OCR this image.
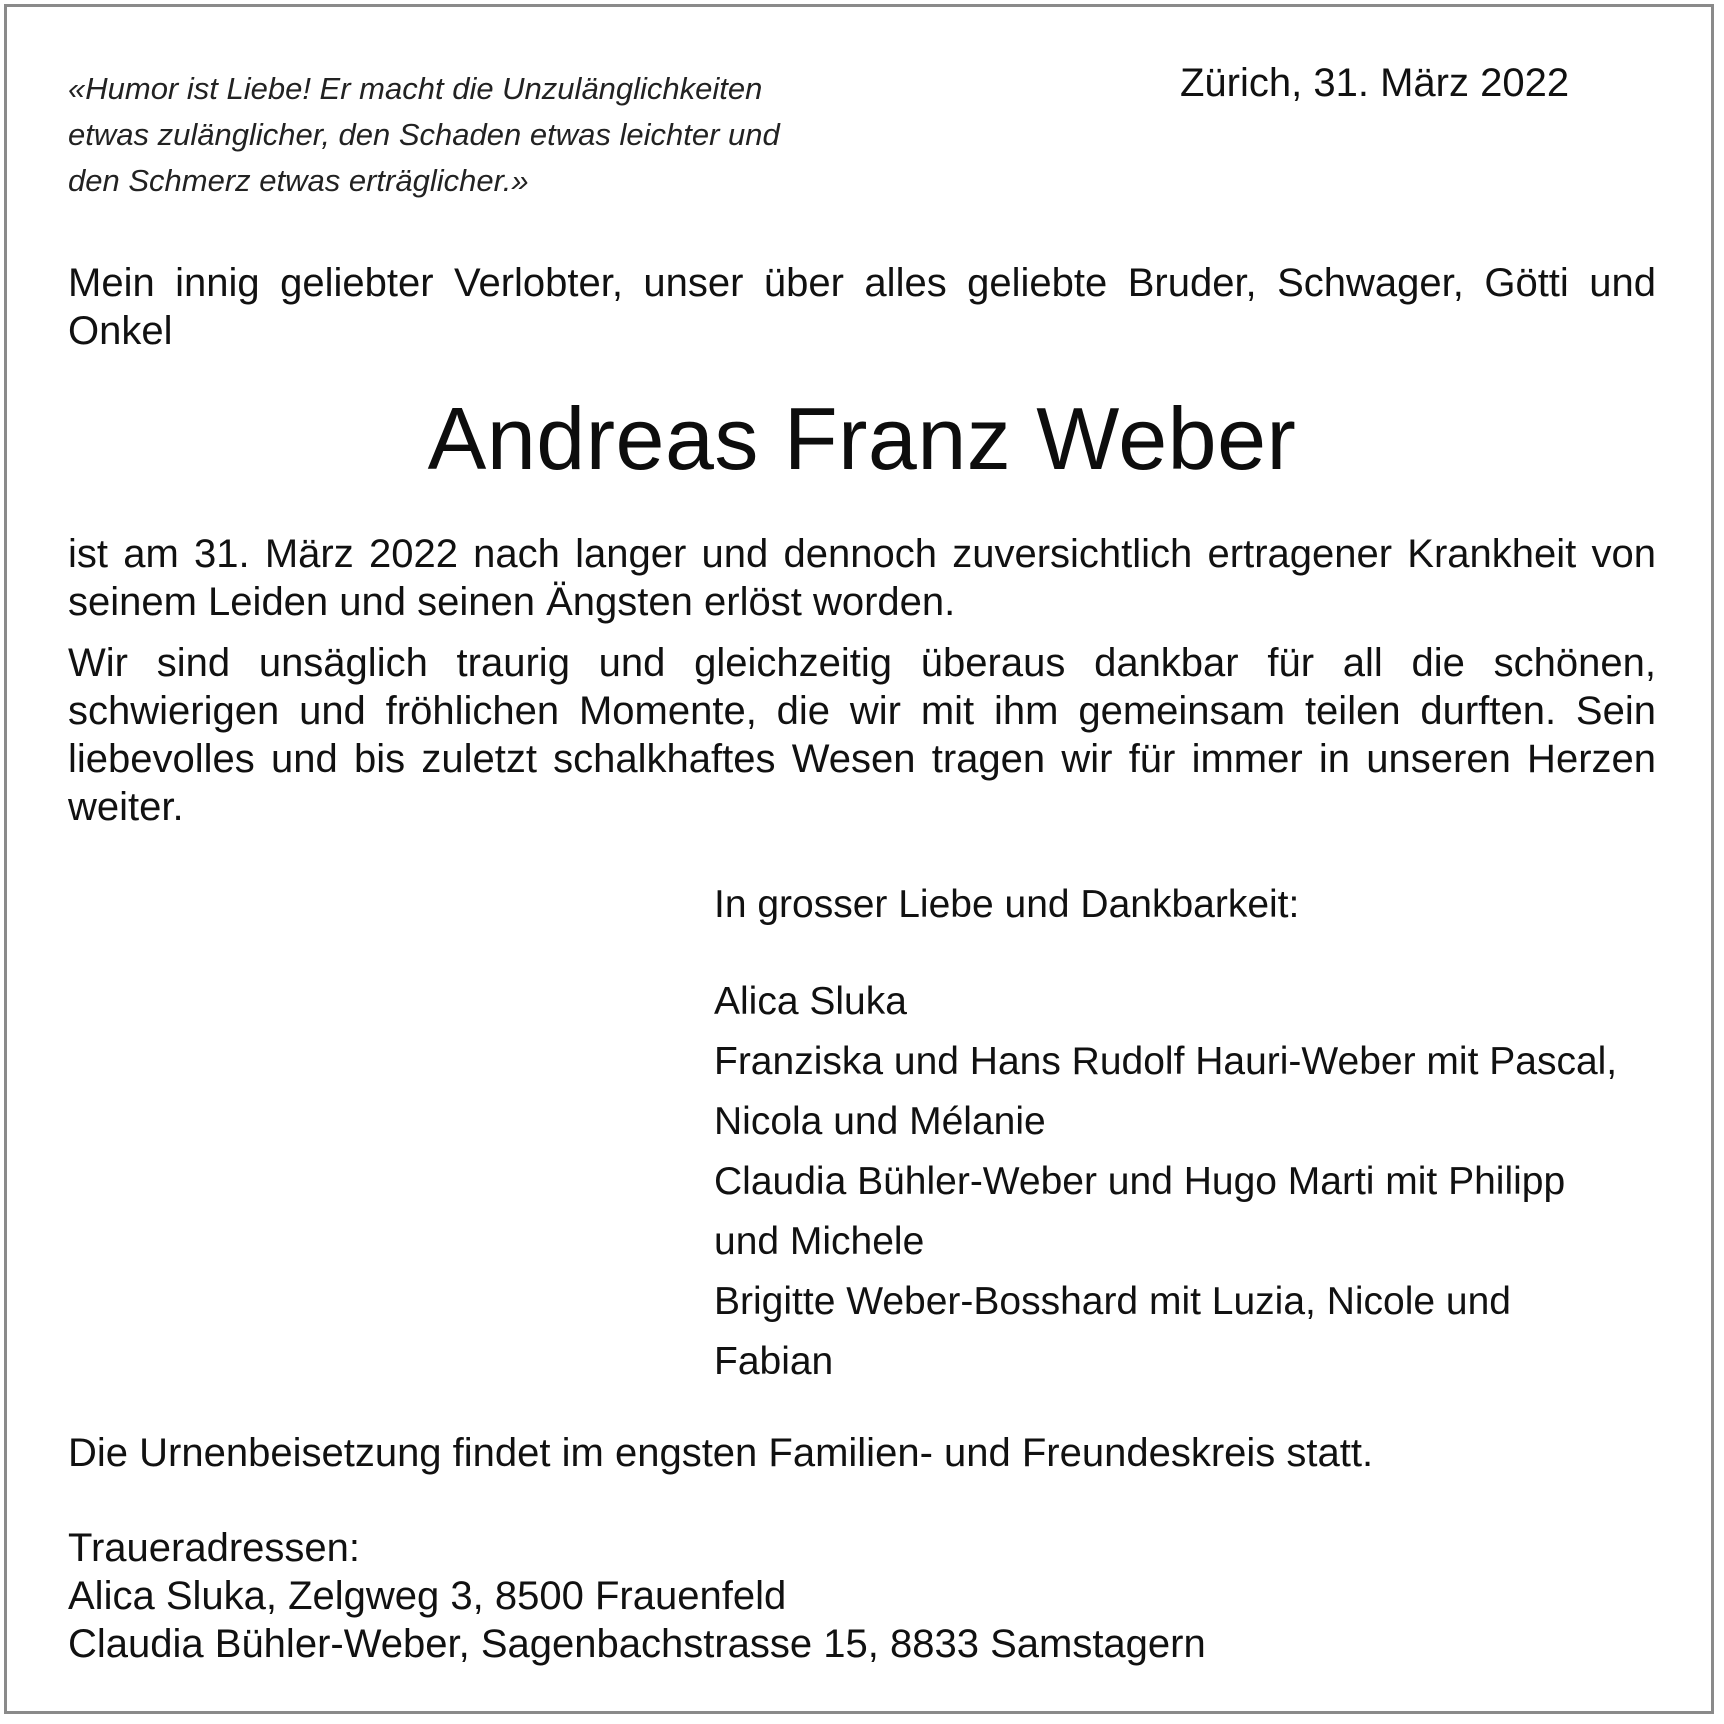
«Humor ist Liebe! Er macht die Unzulänglichkeiten
etwas zulänglicher, den Schaden etwas leichter und
den Schmerz etwas erträglicher.»
Zürich, 31. März 2022
Mein innig geliebter Verlobter, unser über alles geliebte Bruder, Schwager, Götti und
Onkel
Andreas Franz Weber
ist am 31. März 2022 nach langer und dennoch zuversichtlich ertragener Krankheit von
seinem Leiden und seinen Ängsten erlöst worden.
Wir sind unsäglich traurig und gleichzeitig überaus dankbar für all die schönen,
schwierigen und fröhlichen Momente, die wir mit ihm gemeinsam teilen durften. Sein
liebevolles und bis zuletzt schalkhaftes Wesen tragen wir für immer in unseren Herzen
weiter.
In grosser Liebe und Dankbarkeit:
Alica Sluka
Franziska und Hans Rudolf Hauri-Weber mit Pascal,
Nicola und Mélanie
Claudia Bühler-Weber und Hugo Marti mit Philipp
und Michele
Brigitte Weber-Bosshard mit Luzia, Nicole und
Fabian
Die Urnenbeisetzung findet im engsten Familien- und Freundeskreis statt.
Traueradressen:
Alica Sluka, Zelgweg 3, 8500 Frauenfeld
Claudia Bühler-Weber, Sagenbachstrasse 15, 8833 Samstagern
